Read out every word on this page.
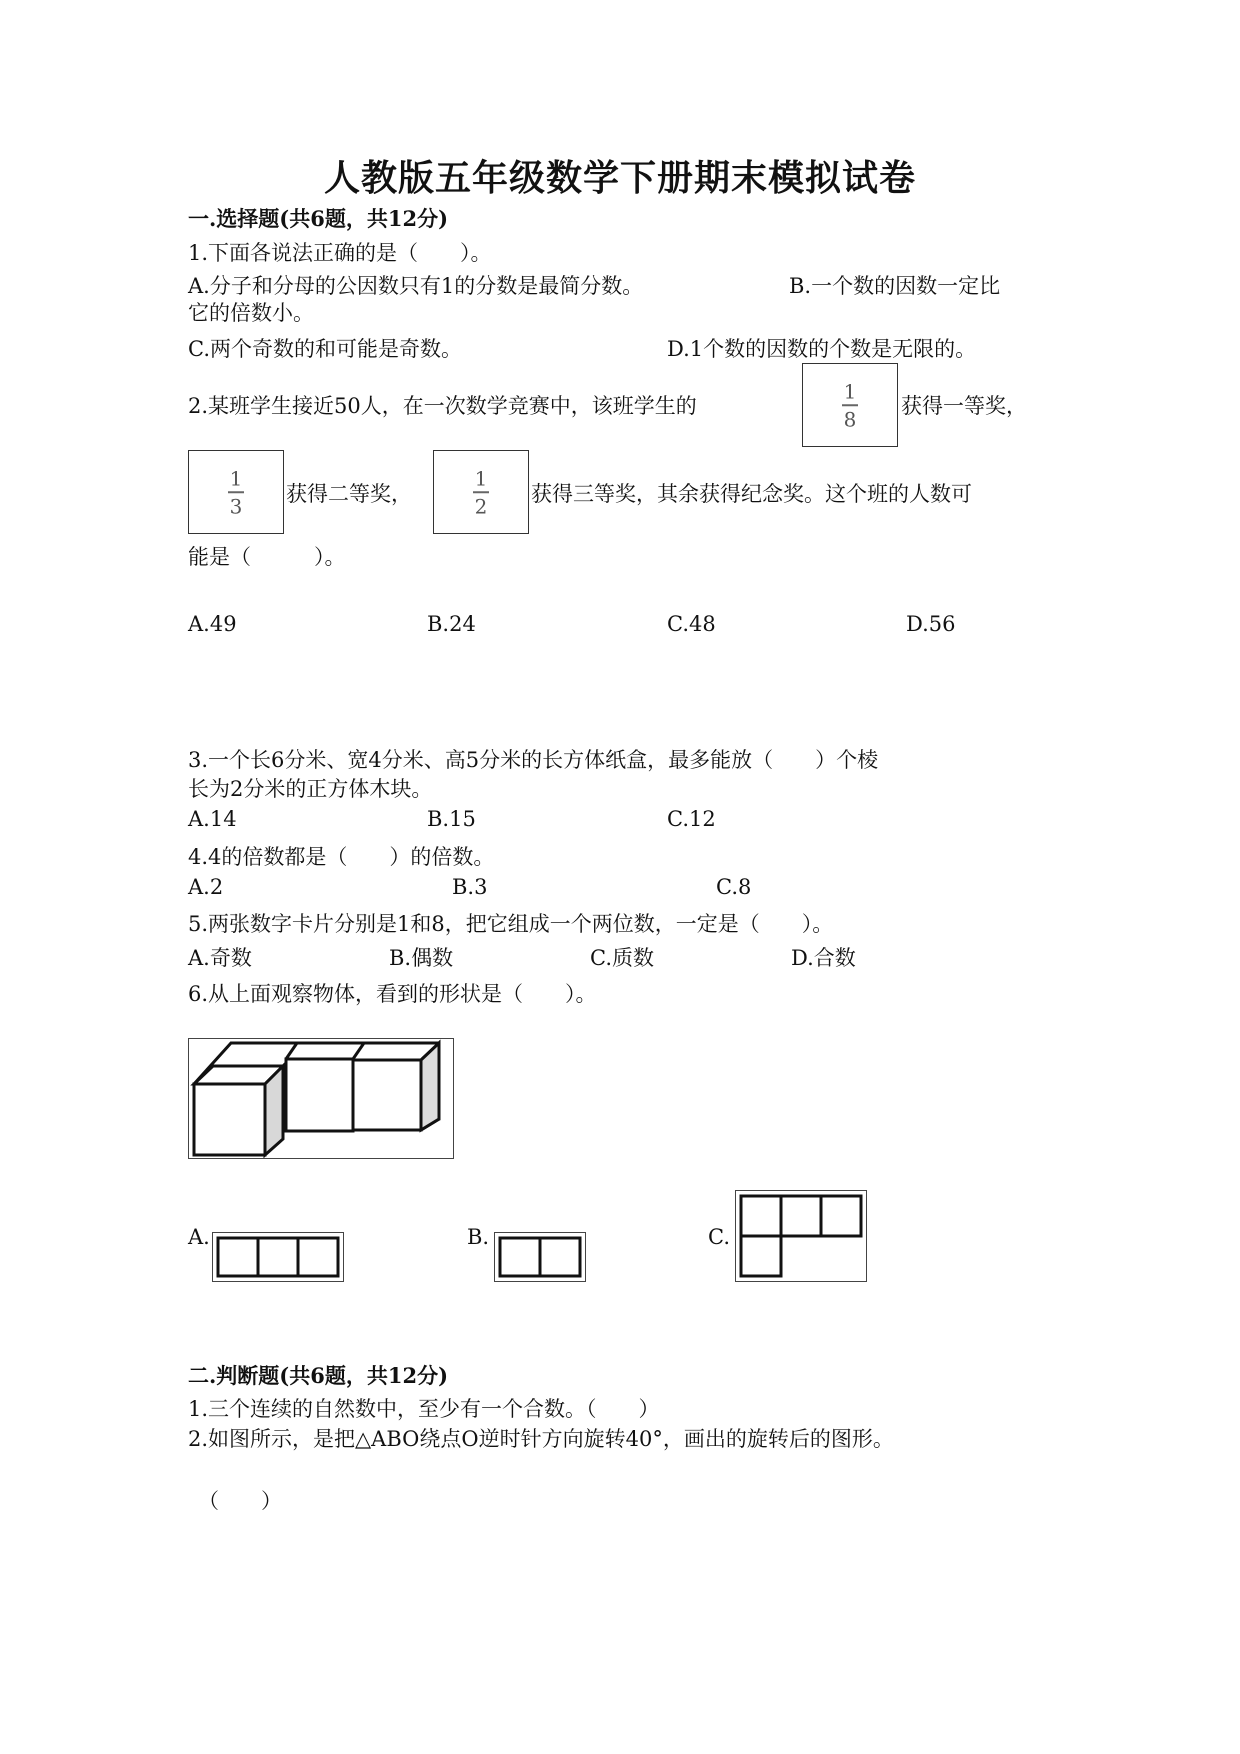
人教版五年级数学下册期末模拟试卷
一.选择题(共6题，共12分)
1.下面各说法正确的是（　　）。
A.分子和分母的公因数只有1的分数是最简分数。	B.一个数的因数一定比
它的倍数小。
C.两个奇数的和可能是奇数。	D.1个数的因数的个数是无限的。
2.某班学生接近50人，在一次数学竞赛中，该班学生的
1
8
获得一等奖，
1
3	获得二等奖，
1
2	获得三等奖，其余获得纪念奖。这个班的人数可
能是（　　　）。
A.49	B.24	C.48	D.56
3.一个长6分米、宽4分米、高5分米的长方体纸盒，最多能放（　　）个棱
长为2分米的正方体木块。
A.14	B.15	C.12
4.4的倍数都是（　　）的倍数。
A.2	B.3	C.8
5.两张数字卡片分别是1和8，把它组成一个两位数，一定是（　　）。
A.奇数	B.偶数	C.质数	D.合数
6.从上面观察物体，看到的形状是（　　）。
A.	B.	C.
二.判断题(共6题，共12分)
1.三个连续的自然数中，至少有一个合数。（　　）
2.如图所示，是把△ABO绕点O逆时针方向旋转40°，画出的旋转后的图形。
（　　）
